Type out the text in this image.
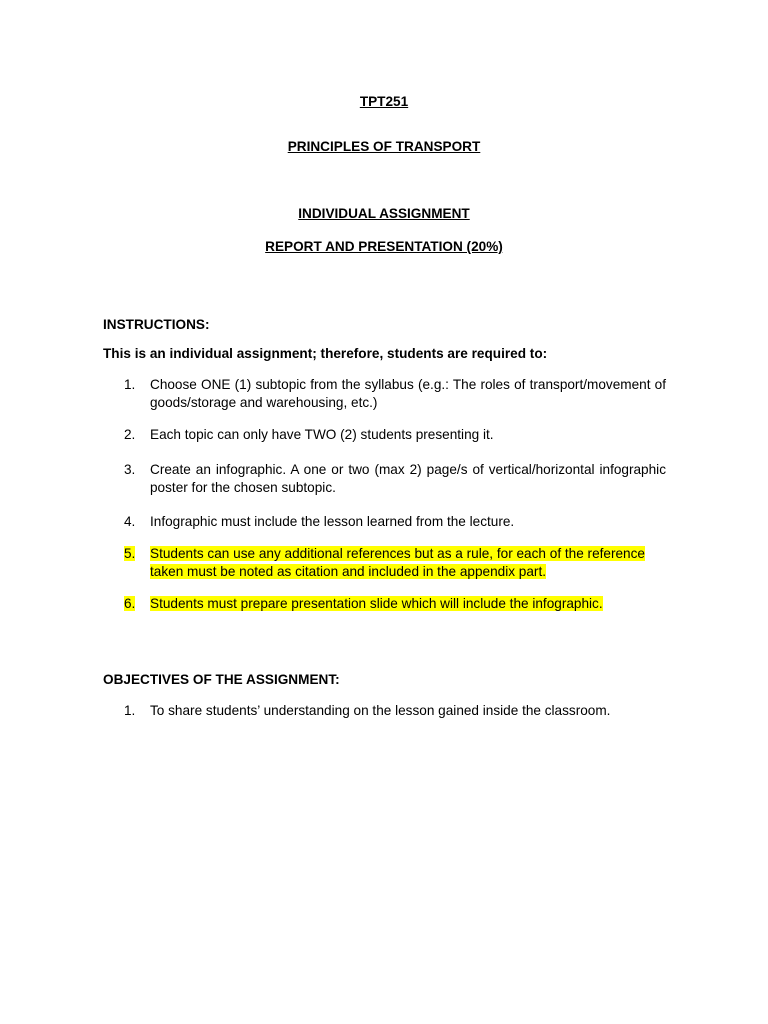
TPT251
PRINCIPLES OF TRANSPORT
INDIVIDUAL ASSIGNMENT
REPORT AND PRESENTATION (20%)
INSTRUCTIONS:
This is an individual assignment; therefore, students are required to:
1.	Choose ONE (1) subtopic from the syllabus (e.g.: The roles of transport/movement of goods/storage and warehousing, etc.)
2.	Each topic can only have TWO (2) students presenting it.
3.	Create an infographic. A one or two (max 2) page/s of vertical/horizontal infographic poster for the chosen subtopic.
4.	Infographic must include the lesson learned from the lecture.
5.	Students can use any additional references but as a rule, for each of the reference taken must be noted as citation and included in the appendix part.
6.	Students must prepare presentation slide which will include the infographic.
OBJECTIVES OF THE ASSIGNMENT:
1.	To share students’ understanding on the lesson gained inside the classroom.
